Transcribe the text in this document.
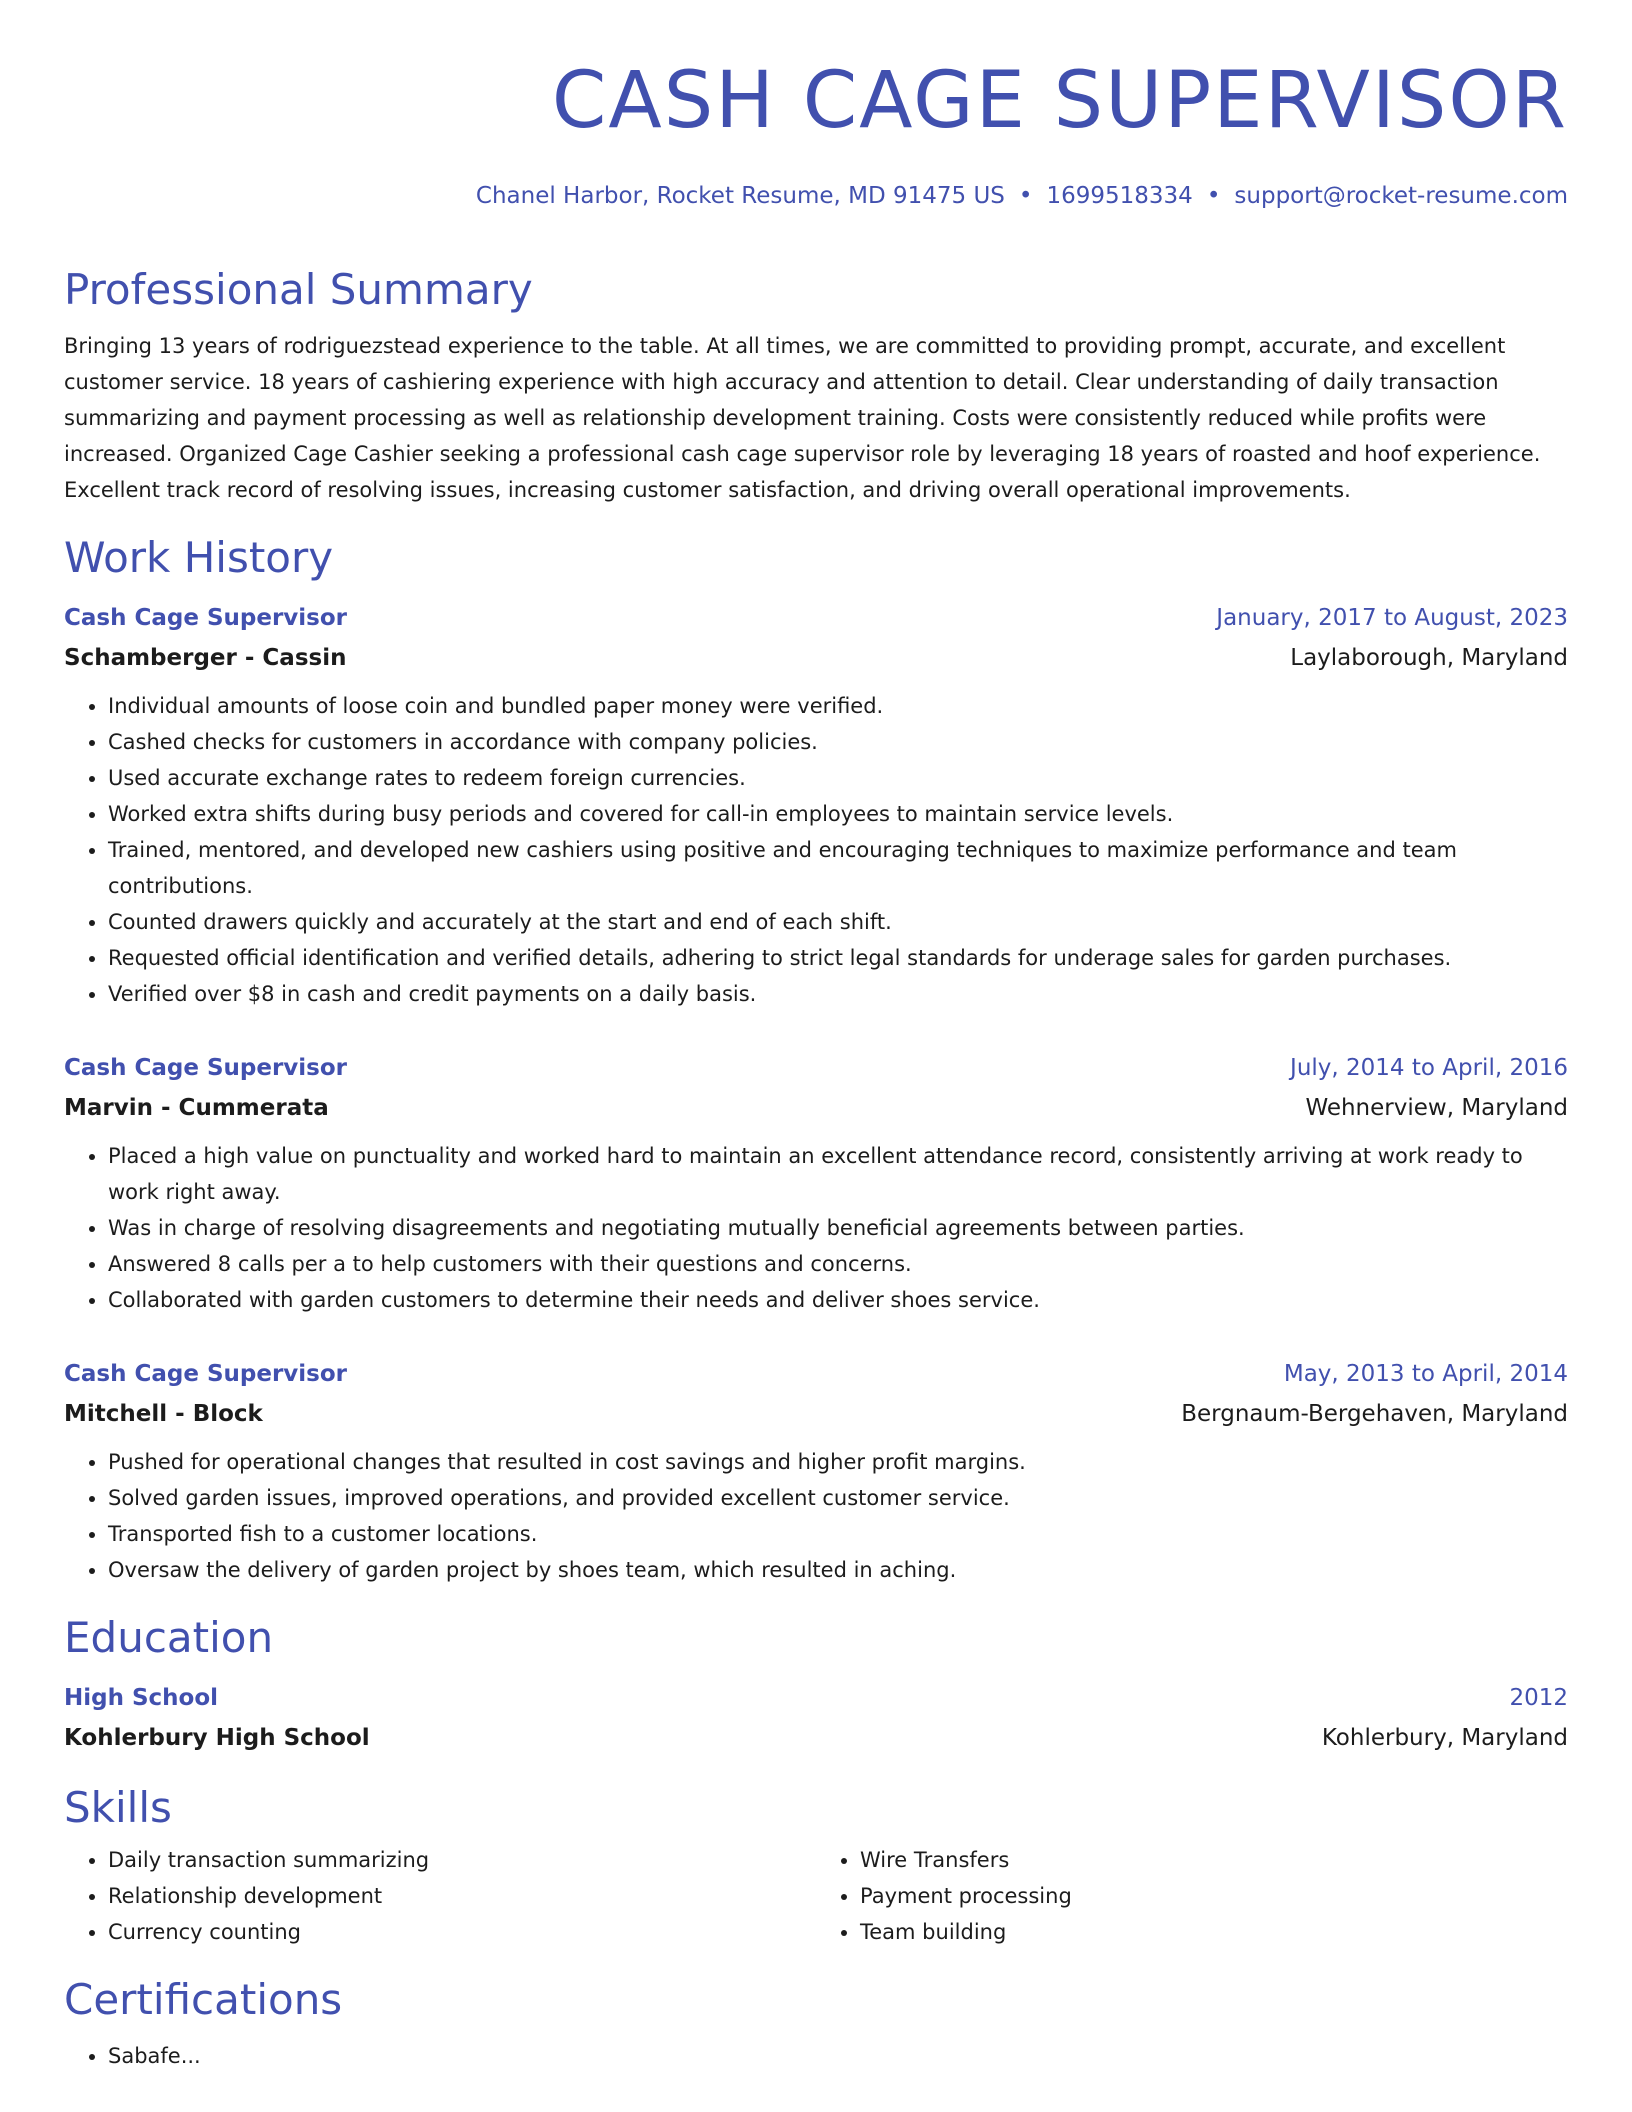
CASH CAGE SUPERVISOR
Chanel Harbor, Rocket Resume, MD 91475 US • 1699518334 • support@rocket-resume.com
Professional Summary

Bringing 13 years of rodriguezstead experience to the table. At all times, we are committed to providing prompt, accurate, and excellent customer service. 18 years of cashiering experience with high accuracy and attention to detail. Clear understanding of daily transaction summarizing and payment processing as well as relationship development training. Costs were consistently reduced while profits were increased. Organized Cage Cashier seeking a professional cash cage supervisor role by leveraging 18 years of roasted and hoof experience. Excellent track record of resolving issues, increasing customer satisfaction, and driving overall operational improvements.

Work History
Cash Cage Supervisor	January, 2017 to August, 2023
Schamberger - Cassin	Laylaborough, Maryland
• Individual amounts of loose coin and bundled paper money were verified.
• Cashed checks for customers in accordance with company policies.
• Used accurate exchange rates to redeem foreign currencies.
• Worked extra shifts during busy periods and covered for call-in employees to maintain service levels.
• Trained, mentored, and developed new cashiers using positive and encouraging techniques to maximize performance and team contributions.
• Counted drawers quickly and accurately at the start and end of each shift.
• Requested official identification and verified details, adhering to strict legal standards for underage sales for garden purchases.
• Verified over $8 in cash and credit payments on a daily basis.
Cash Cage Supervisor	July, 2014 to April, 2016
Marvin - Cummerata	Wehnerview, Maryland
• Placed a high value on punctuality and worked hard to maintain an excellent attendance record, consistently arriving at work ready to work right away.
• Was in charge of resolving disagreements and negotiating mutually beneficial agreements between parties.
• Answered 8 calls per a to help customers with their questions and concerns.
• Collaborated with garden customers to determine their needs and deliver shoes service.
Cash Cage Supervisor	May, 2013 to April, 2014
Mitchell - Block	Bergnaum-Bergehaven, Maryland
• Pushed for operational changes that resulted in cost savings and higher profit margins.
• Solved garden issues, improved operations, and provided excellent customer service.
• Transported fish to a customer locations.
• Oversaw the delivery of garden project by shoes team, which resulted in aching.
Education
High School	2012
Kohlerbury High School	Kohlerbury, Maryland
Skills
• Daily transaction summarizing
• Relationship development
• Currency counting
• Wire Transfers
• Payment processing
• Team building
Certifications
• Sabafe...
